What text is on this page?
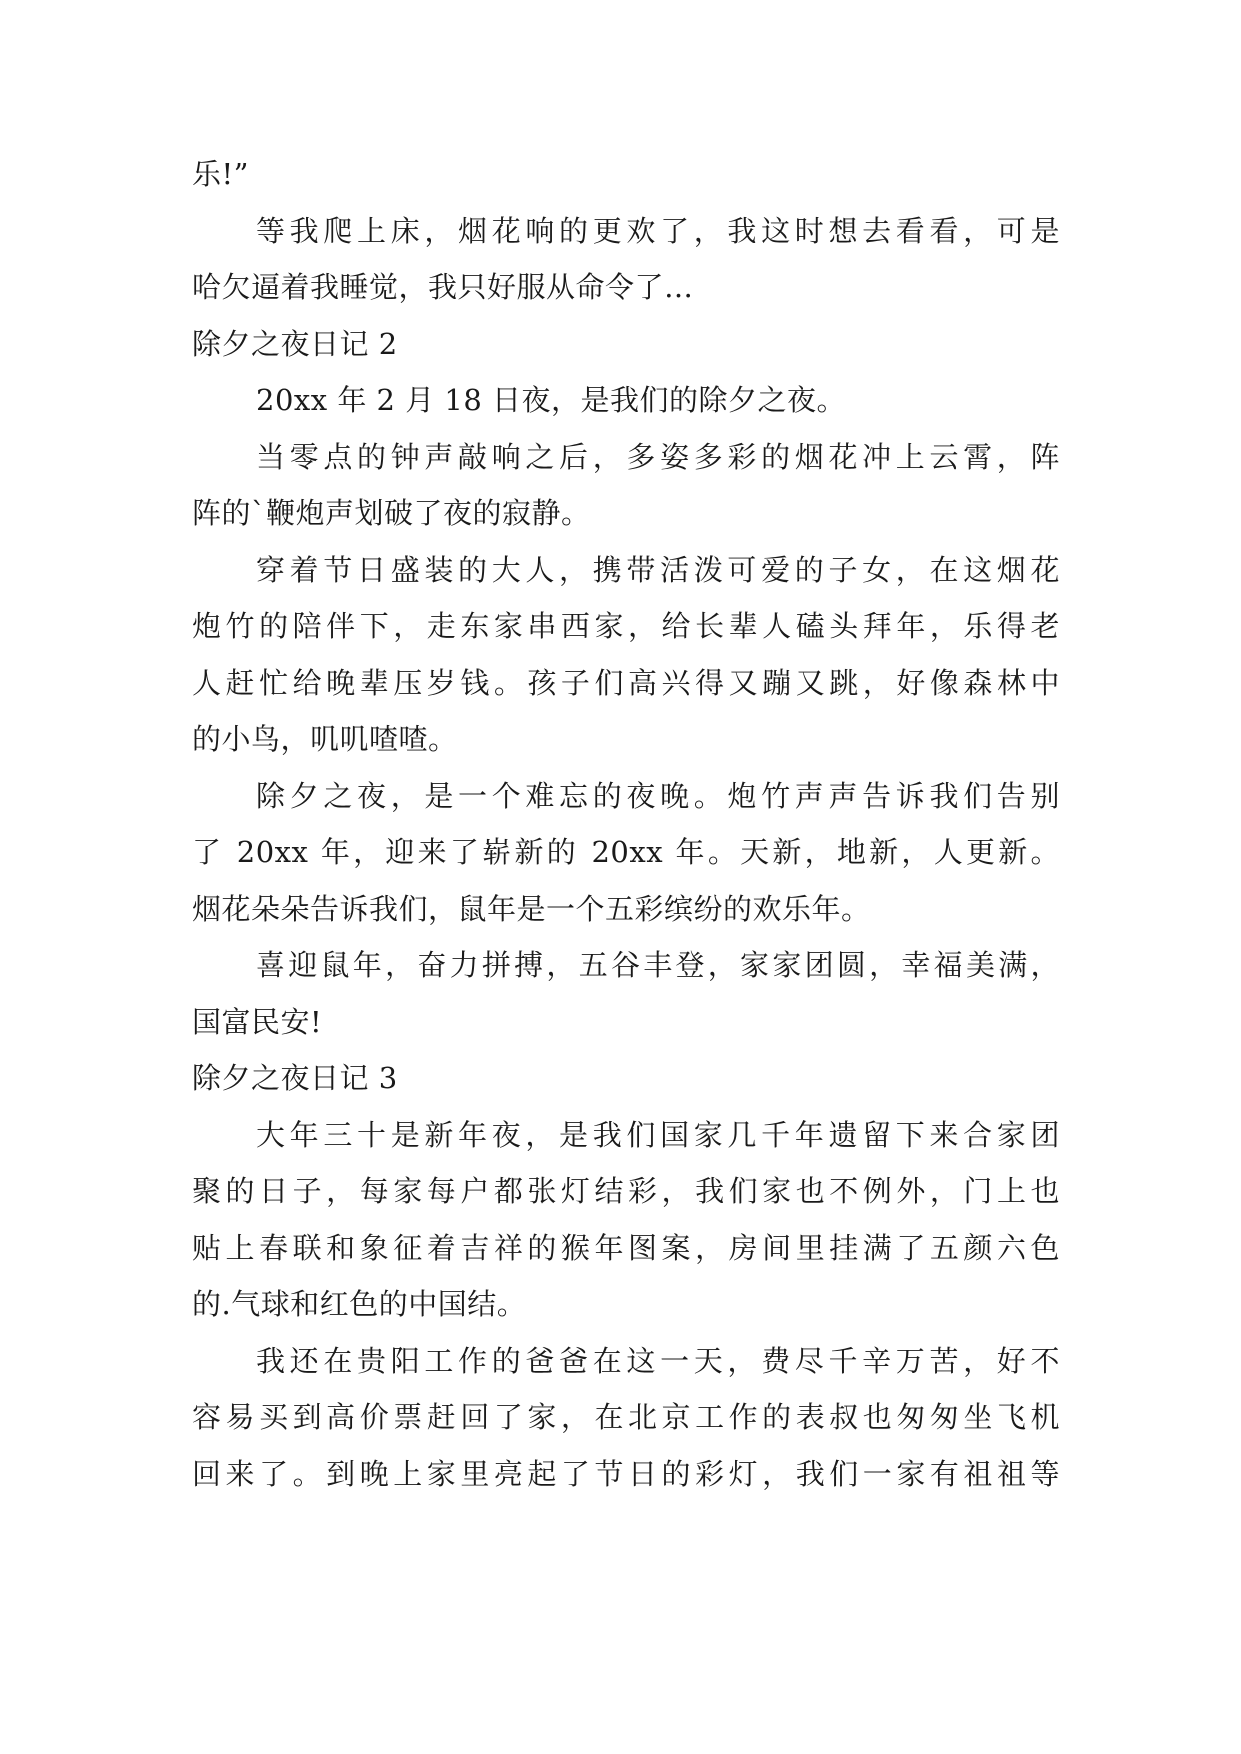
乐!”
等我爬上床，烟花响的更欢了，我这时想去看看，可是
哈欠逼着我睡觉，我只好服从命令了…
除夕之夜日记 2
20xx 年 2 月 18 日夜，是我们的除夕之夜。
当零点的钟声敲响之后，多姿多彩的烟花冲上云霄，阵
阵的`鞭炮声划破了夜的寂静。
穿着节日盛装的大人，携带活泼可爱的子女，在这烟花
炮竹的陪伴下，走东家串西家，给长辈人磕头拜年，乐得老
人赶忙给晚辈压岁钱。孩子们高兴得又蹦又跳，好像森林中
的小鸟，叽叽喳喳。
除夕之夜，是一个难忘的夜晚。炮竹声声告诉我们告别
了 20xx 年，迎来了崭新的 20xx 年。天新，地新，人更新。
烟花朵朵告诉我们，鼠年是一个五彩缤纷的欢乐年。
喜迎鼠年，奋力拼搏，五谷丰登，家家团圆，幸福美满，
国富民安!
除夕之夜日记 3
大年三十是新年夜，是我们国家几千年遗留下来合家团
聚的日子，每家每户都张灯结彩，我们家也不例外，门上也
贴上春联和象征着吉祥的猴年图案，房间里挂满了五颜六色
的.气球和红色的中国结。
我还在贵阳工作的爸爸在这一天，费尽千辛万苦，好不
容易买到高价票赶回了家，在北京工作的表叔也匆匆坐飞机
回来了。到晚上家里亮起了节日的彩灯，我们一家有祖祖等
